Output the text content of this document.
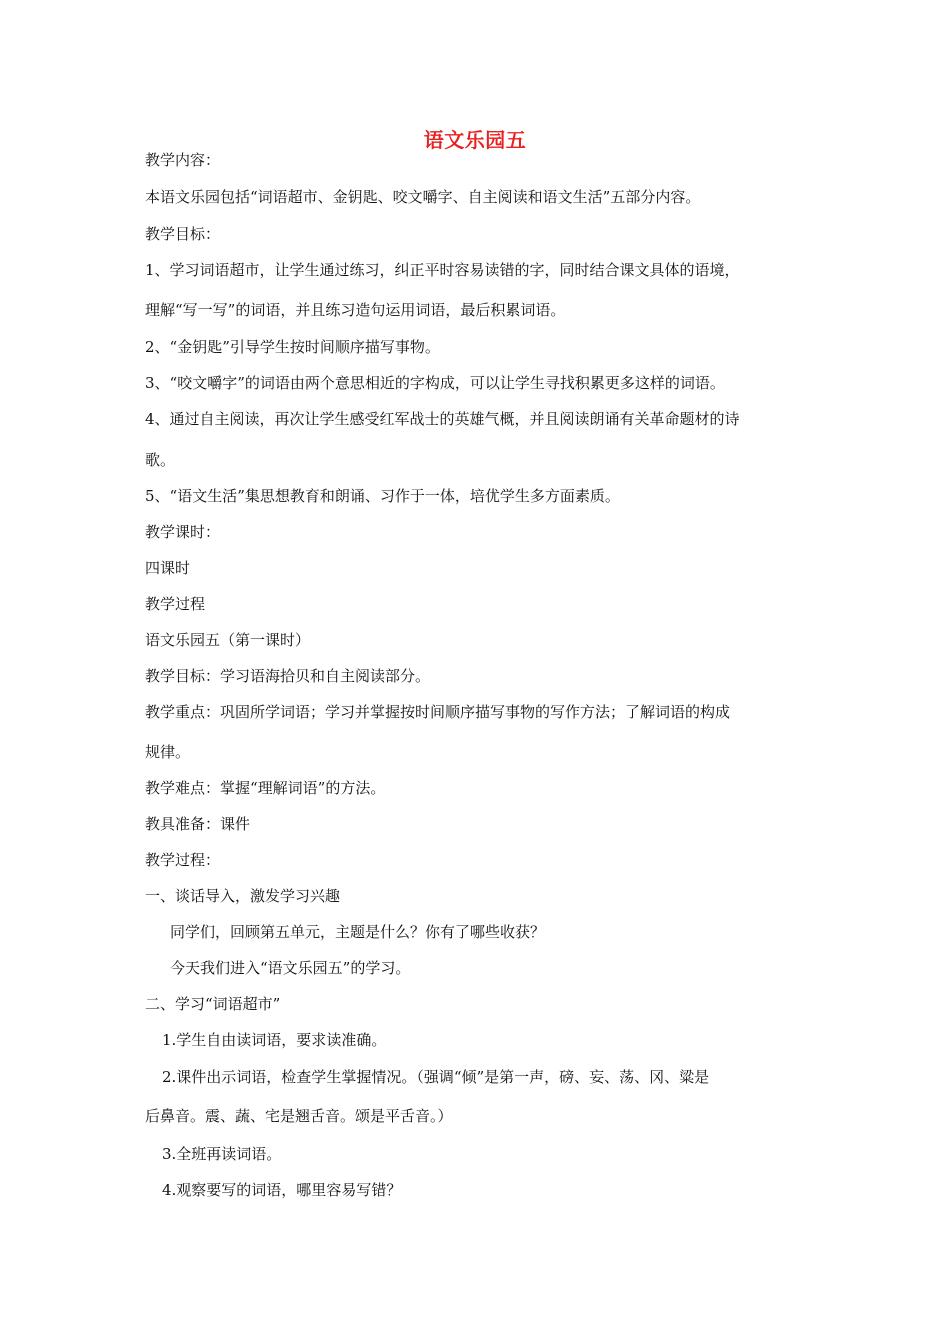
语文乐园五
教学内容：
本语文乐园包括“词语超市、金钥匙、咬文嚼字、自主阅读和语文生活”五部分内容。
教学目标：
1、学习词语超市，让学生通过练习，纠正平时容易读错的字，同时结合课文具体的语境，
理解“写一写”的词语，并且练习造句运用词语，最后积累词语。
2、“金钥匙”引导学生按时间顺序描写事物。
3、“咬文嚼字”的词语由两个意思相近的字构成，可以让学生寻找积累更多这样的词语。
4、通过自主阅读，再次让学生感受红军战士的英雄气概，并且阅读朗诵有关革命题材的诗
歌。
5、“语文生活”集思想教育和朗诵、习作于一体，培优学生多方面素质。
教学课时：
四课时
教学过程
语文乐园五（第一课时）
教学目标：学习语海拾贝和自主阅读部分。
教学重点：巩固所学词语；学习并掌握按时间顺序描写事物的写作方法；了解词语的构成
规律。
教学难点：掌握“理解词语”的方法。
教具准备：课件
教学过程：
一、谈话导入，激发学习兴趣
同学们，回顾第五单元，主题是什么？你有了哪些收获？
今天我们进入“语文乐园五”的学习。
二、学习“词语超市”
1.学生自由读词语，要求读准确。
2.课件出示词语，检查学生掌握情况。（强调“倾”是第一声，磅、妄、荡、冈、粱是
后鼻音。震、蔬、宅是翘舌音。颂是平舌音。）
3.全班再读词语。
4.观察要写的词语，哪里容易写错？
